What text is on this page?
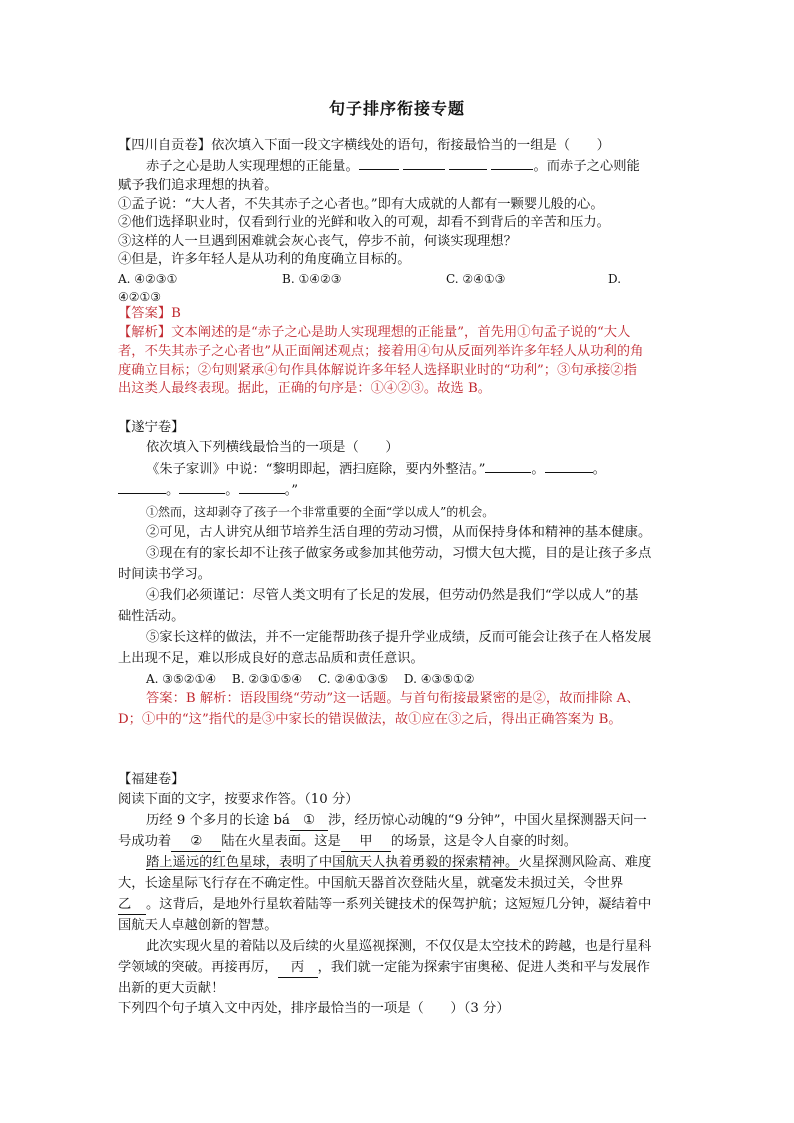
句子排序衔接专题
【四川自贡卷】依次填入下面一段文字横线处的语句，衔接最恰当的一组是（　　）
赤子之心是助人实现理想的正能量。	。而赤子之心则能
赋予我们追求理想的执着。
①孟子说：“大人者，不失其赤子之心者也。”即有大成就的人都有一颗婴儿般的心。
②他们选择职业时，仅看到行业的光鲜和收入的可观，却看不到背后的辛苦和压力。
③这样的人一旦遇到困难就会灰心丧气，停步不前，何谈实现理想？
④但是，许多年轻人是从功利的角度确立目标的。
A. ④②③①	B. ①④②③	C. ②④①③	D.
④②①③
【答案】B
【解析】文本阐述的是“赤子之心是助人实现理想的正能量”，首先用①句孟子说的“大人
者，不失其赤子之心者也”从正面阐述观点；接着用④句从反面列举许多年轻人从功利的角
度确立目标；②句则紧承④句作具体解说许多年轻人选择职业时的“功利”；③句承接②指
出这类人最终表现。据此，正确的句序是：①④②③。故选 B。
【遂宁卷】
依次填入下列横线最恰当的一项是（　　）
《朱子家训》中说：“黎明即起，洒扫庭除，要内外整洁。”	。	。
。	。	。”
①然而，这却剥夺了孩子一个非常重要的全面“学以成人”的机会。
②可见，古人讲究从细节培养生活自理的劳动习惯，从而保持身体和精神的基本健康。
③现在有的家长却不让孩子做家务或参加其他劳动，习惯大包大揽，目的是让孩子多点
时间读书学习。
④我们必须谨记：尽管人类文明有了长足的发展，但劳动仍然是我们“学以成人”的基
础性活动。
⑤家长这样的做法，并不一定能帮助孩子提升学业成绩，反而可能会让孩子在人格发展
上出现不足，难以形成良好的意志品质和责任意识。
A. ③⑤②①④　 B. ②③①⑤④　 C. ②④①③⑤　 D. ④③⑤①②
答案：B 解析：语段围绕“劳动”这一话题。与首句衔接最紧密的是②，故而排除 A、
D；①中的“这”指代的是③中家长的错误做法，故①应在③之后，得出正确答案为 B。
【福建卷】
阅读下面的文字，按要求作答。（10 分）
历经 9 个多月的长途 bá ① 涉，经历惊心动魄的“9 分钟”，中国火星探测器天问一
号成功着 ② 陆在火星表面。这是 甲 的场景，这是令人自豪的时刻。
踏上遥远的红色星球，表明了中国航天人执着勇毅的探索精神。火星探测风险高、难度
大，长途星际飞行存在不确定性。中国航天器首次登陆火星，就毫发未损过关，令世界
乙 。这背后，是地外行星软着陆等一系列关键技术的保驾护航；这短短几分钟，凝结着中
国航天人卓越创新的智慧。
此次实现火星的着陆以及后续的火星巡视探测，不仅仅是太空技术的跨越，也是行星科
学领域的突破。再接再厉， 丙 ，我们就一定能为探索宇宙奥秘、促进人类和平与发展作
出新的更大贡献！
下列四个句子填入文中丙处，排序最恰当的一项是（　　）（3 分）
